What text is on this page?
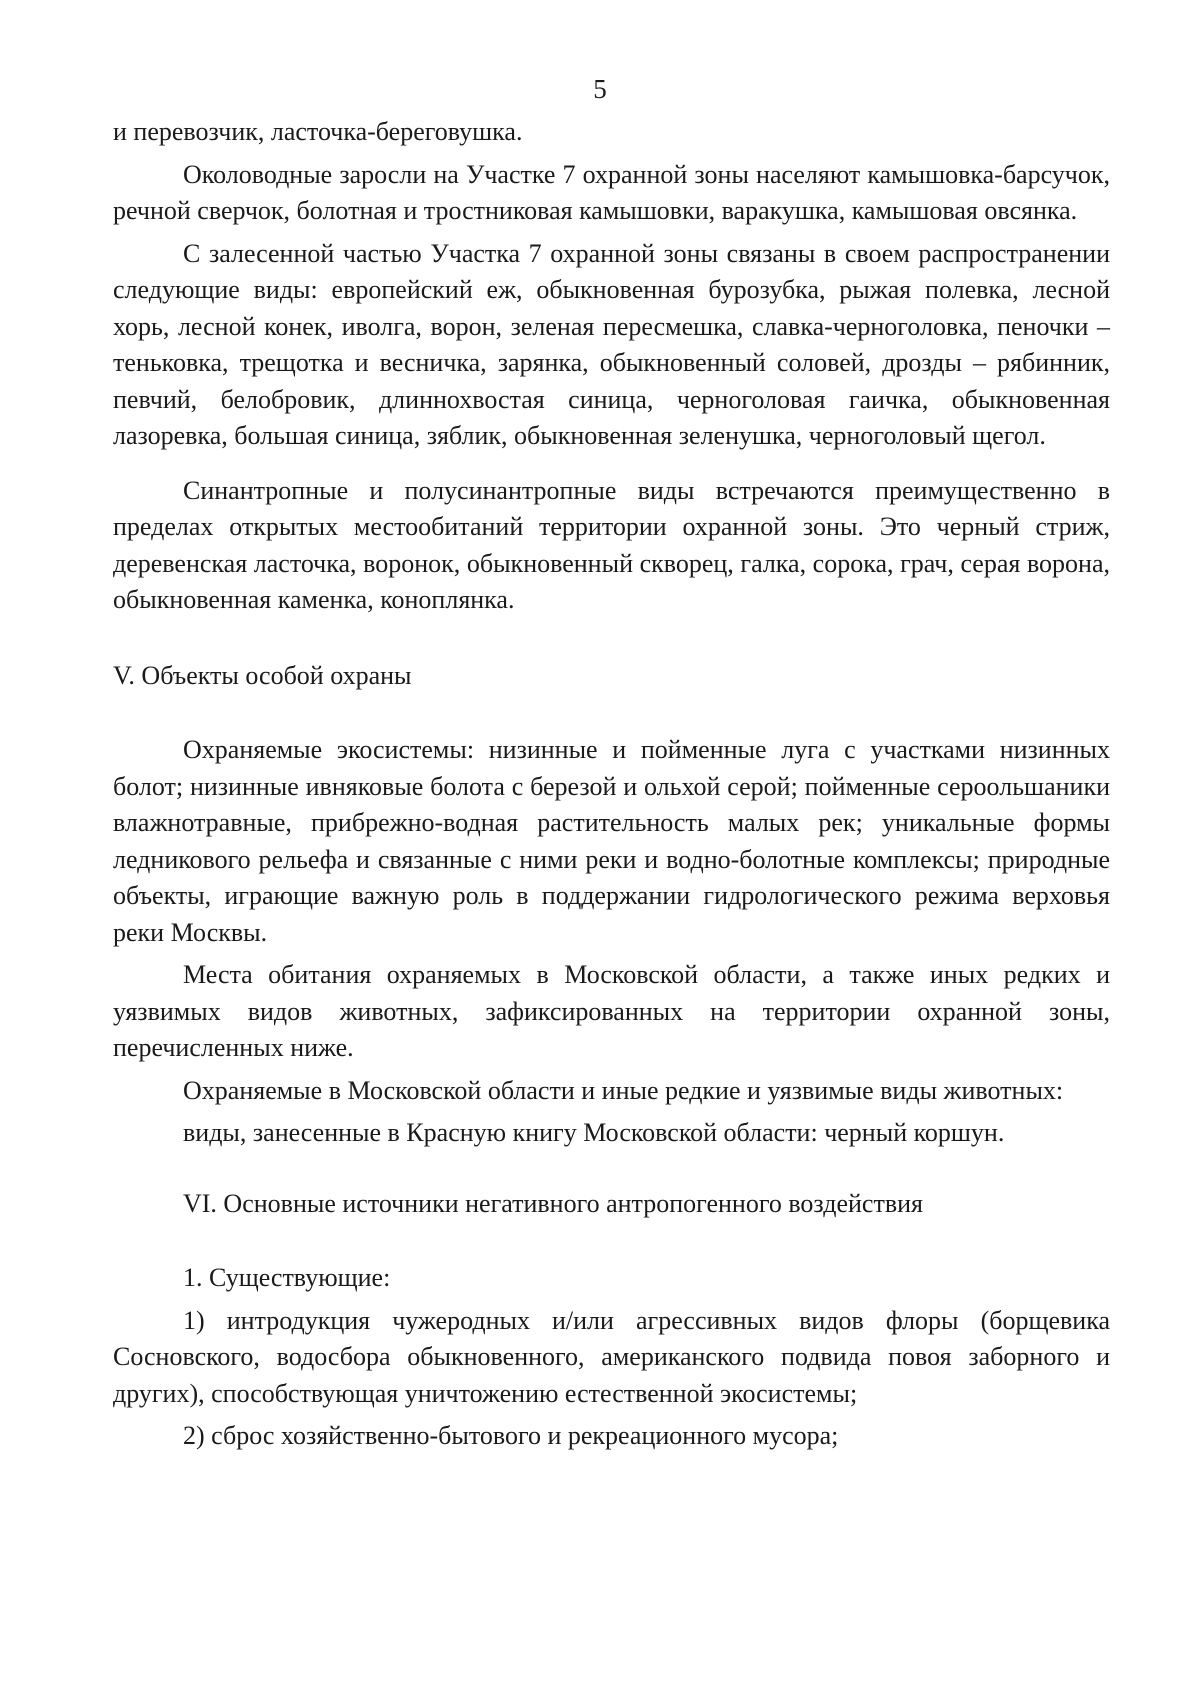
5

и перевозчик, ласточка-береговушка.

Околоводные заросли на Участке 7 охранной зоны населяют камышовка-барсучок, речной сверчок, болотная и тростниковая камышовки, варакушка, камышовая овсянка.

С залесенной частью Участка 7 охранной зоны связаны в своем распространении следующие виды: европейский еж, обыкновенная бурозубка, рыжая полевка, лесной хорь, лесной конек, иволга, ворон, зеленая пересмешка, славка-черноголовка, пеночки – теньковка, трещотка и весничка, зарянка, обыкновенный соловей, дрозды – рябинник, певчий, белобровик, длиннохвостая синица, черноголовая гаичка, обыкновенная лазоревка, большая синица, зяблик, обыкновенная зеленушка, черноголовый щегол.

Синантропные и полусинантропные виды встречаются преимущественно в пределах открытых местообитаний территории охранной зоны. Это черный стриж, деревенская ласточка, воронок, обыкновенный скворец, галка, сорока, грач, серая ворона, обыкновенная каменка, коноплянка.

V. Объекты особой охраны

Охраняемые экосистемы: низинные и пойменные луга с участками низинных болот; низинные ивняковые болота с березой и ольхой серой; пойменные сероольшаники влажнотравные, прибрежно-водная растительность малых рек; уникальные формы ледникового рельефа и связанные с ними реки и водно-болотные комплексы; природные объекты, играющие важную роль в поддержании гидрологического режима верховья реки Москвы.

Места обитания охраняемых в Московской области, а также иных редких и уязвимых видов животных, зафиксированных на территории охранной зоны, перечисленных ниже.

Охраняемые в Московской области и иные редкие и уязвимые виды животных:

виды, занесенные в Красную книгу Московской области: черный коршун.

VI. Основные источники негативного антропогенного воздействия

1. Существующие:

1) интродукция чужеродных и/или агрессивных видов флоры (борщевика Сосновского, водосбора обыкновенного, американского подвида повоя заборного и других), способствующая уничтожению естественной экосистемы;

2) сброс хозяйственно-бытового и рекреационного мусора;
